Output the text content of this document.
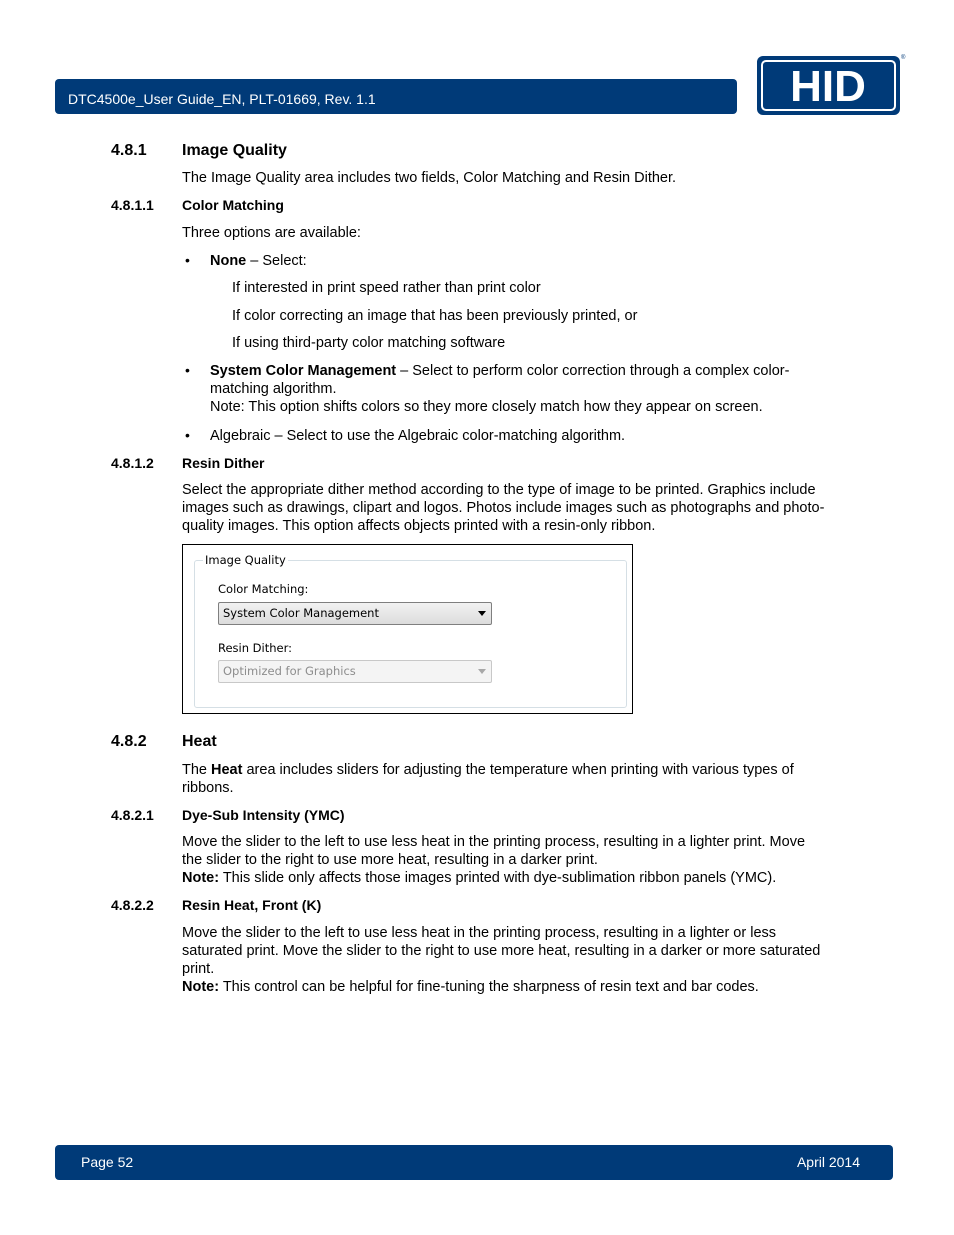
DTC4500e_User Guide_EN, PLT-01669, Rev. 1.1	HID
®
4.8.1 Image Quality
The Image Quality area includes two fields, Color Matching and Resin Dither.
4.8.1.1 Color Matching
Three options are available:
• None – Select:
If interested in print speed rather than print color
If color correcting an image that has been previously printed, or
If using third-party color matching software
• System Color Management – Select to perform color correction through a complex color-
matching algorithm.
Note: This option shifts colors so they more closely match how they appear on screen.
• Algebraic – Select to use the Algebraic color-matching algorithm.
4.8.1.2 Resin Dither
Select the appropriate dither method according to the type of image to be printed. Graphics include
images such as drawings, clipart and logos. Photos include images such as photographs and photo-
quality images. This option affects objects printed with a resin-only ribbon.
Image Quality
Color Matching:
System Color Management
Resin Dither:
Optimized for Graphics
4.8.2 Heat
The Heat area includes sliders for adjusting the temperature when printing with various types of
ribbons.
4.8.2.1 Dye-Sub Intensity (YMC)
Move the slider to the left to use less heat in the printing process, resulting in a lighter print. Move
the slider to the right to use more heat, resulting in a darker print.
Note: This slide only affects those images printed with dye-sublimation ribbon panels (YMC).
4.8.2.2 Resin Heat, Front (K)
Move the slider to the left to use less heat in the printing process, resulting in a lighter or less
saturated print. Move the slider to the right to use more heat, resulting in a darker or more saturated
print.
Note: This control can be helpful for fine-tuning the sharpness of resin text and bar codes.
Page 52	April 2014
